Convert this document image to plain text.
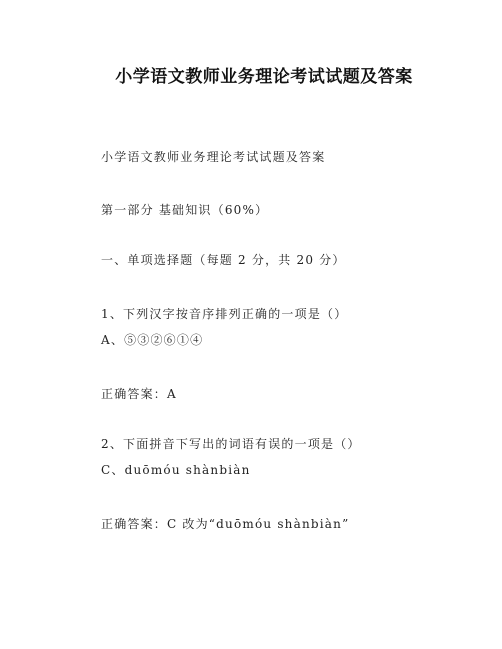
小学语文教师业务理论考试试题及答案
小学语文教师业务理论考试试题及答案
第一部分 基础知识（60%）
一、单项选择题（每题 2 分，共 20 分）
1、下列汉字按音序排列正确的一项是（）
A、⑤③②⑥①④
正确答案：A
2、下面拼音下写出的词语有误的一项是（）
C、duōmóu shànbiàn
正确答案：C 改为“duōmóu shànbiàn”
